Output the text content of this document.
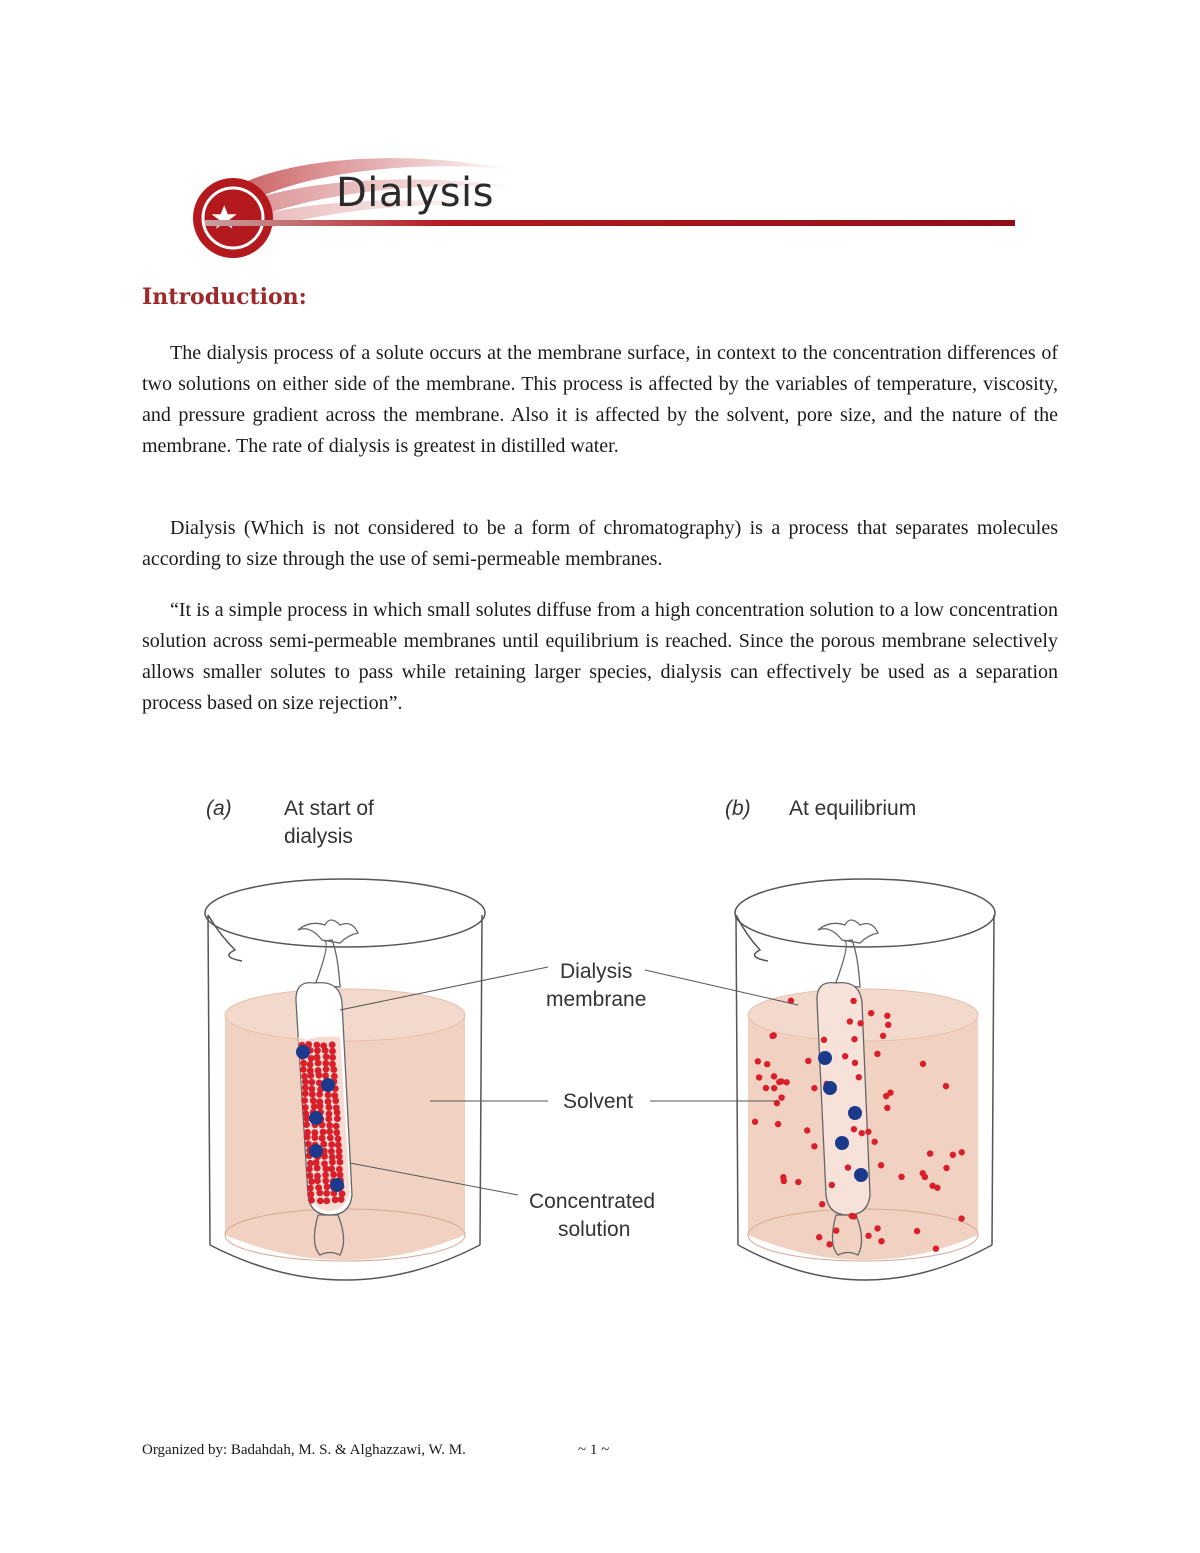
Dialysis
Introduction:

The dialysis process of a solute occurs at the membrane surface, in context to the concentration differences of two solutions on either side of the membrane. This process is affected by the variables of temperature, viscosity, and pressure gradient across the membrane. Also it is affected by the solvent, pore size, and the nature of the membrane. The rate of dialysis is greatest in distilled water.

Dialysis (Which is not considered to be a form of chromatography) is a process that separates molecules according to size through the use of semi-permeable membranes.

“It is a simple process in which small solutes diffuse from a high concentration solution to a low concentration solution across semi-permeable membranes until equilibrium is reached. Since the porous membrane selectively allows smaller solutes to pass while retaining larger species, dialysis can effectively be used as a separation process based on size rejection”.

(a) At start of
dialysis
(b) At equilibrium
Dialysis
membrane
Solvent
Concentrated
solution
Organized by: Badahdah, M. S. & Alghazzawi, W. M.	~ 1 ~
